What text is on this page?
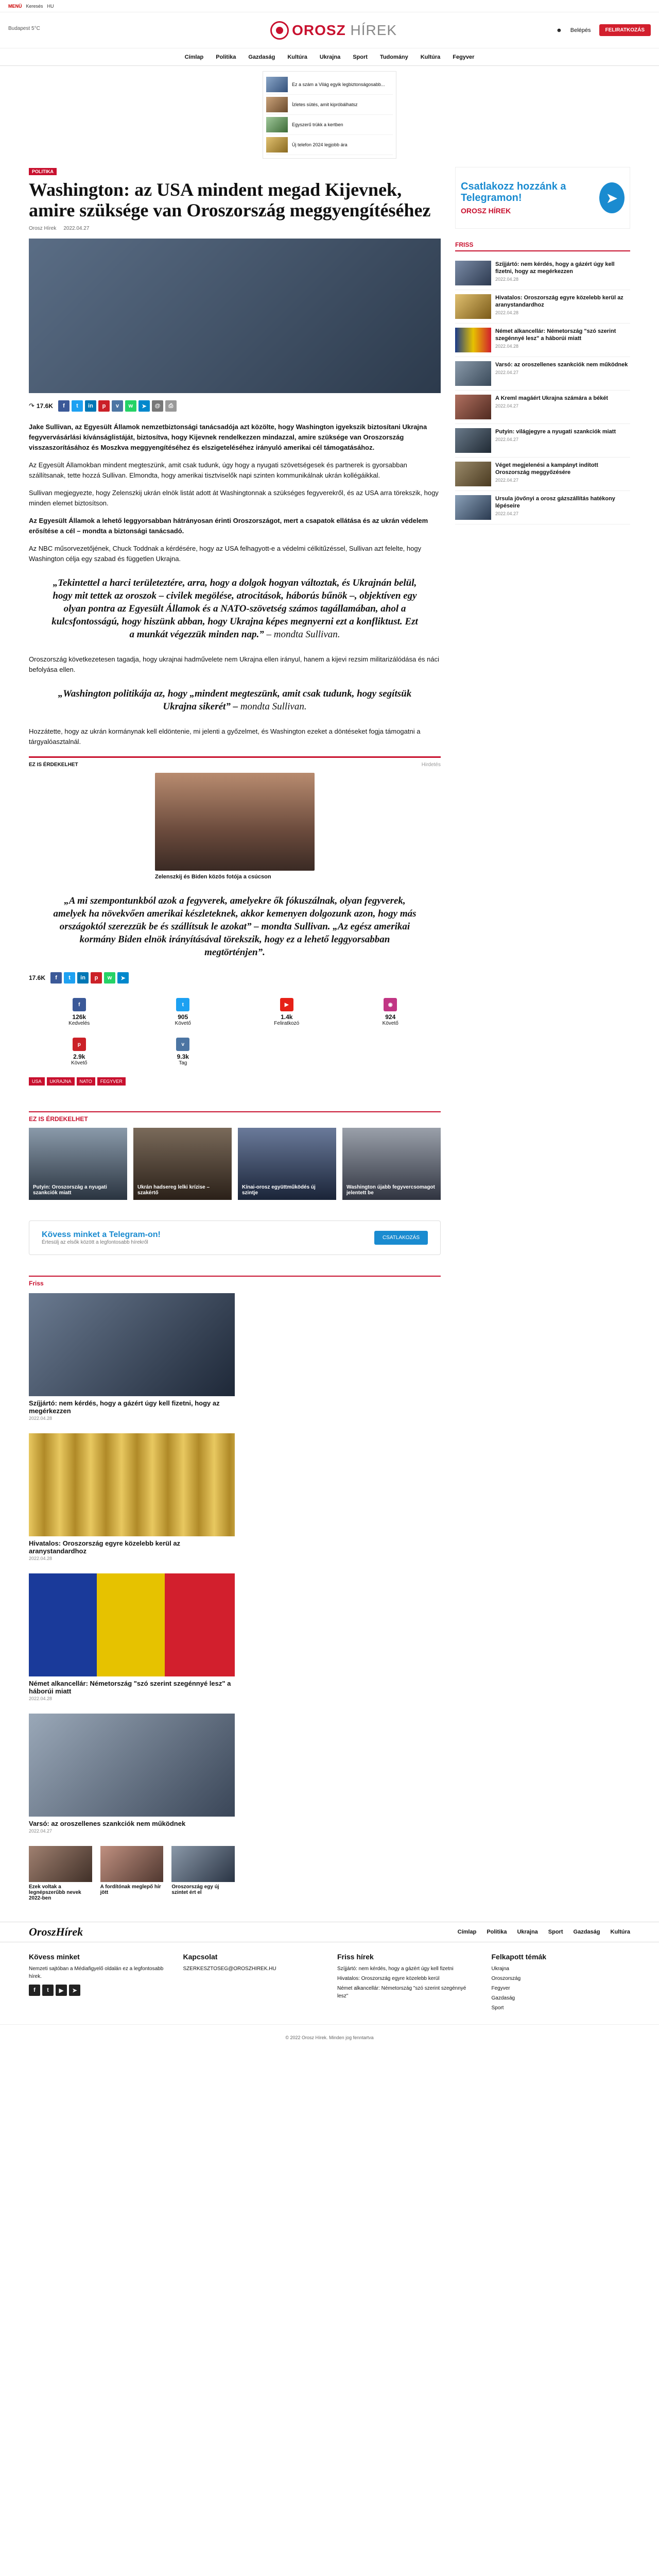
MENÜ Keresés HU
Budapest 5°C	OROSZ HÍREK	☻ Belépés	FELIRATKOZÁS
Címlap Politika Gazdaság Kultúra Ukrajna Sport Tudomány Kultúra Fegyver
Ez a szám a Világ egyik legbiztonságosabb...
Ízletes sütés, amit kipróbálhatsz
Egyszerű trükk a kertben
Új telefon 2024 legjobb ára
POLITIKA
Washington: az USA mindent megad Kijevnek, amire szüksége van Oroszország meggyengítéséhez
Orosz Hírek 2022.04.27
↷ 17.6K	f	t	in	p	v	w	➤	@	⎙

Jake Sullivan, az Egyesült Államok nemzetbiztonsági tanácsadója azt közölte, hogy Washington igyekszik biztosítani Ukrajna fegyvervásárlási kívánságlistáját, biztosítva, hogy Kijevnek rendelkezzen mindazzal, amire szüksége van Oroszország visszaszorításához és Moszkva meggyengítéséhez és elszigeteléséhez irányuló amerikai cél támogatásához.

Az Egyesült Államokban mindent megteszünk, amit csak tudunk, úgy hogy a nyugati szövetségesek és partnerek is gyorsabban szállítsanak, tette hozzá Sullivan. Elmondta, hogy amerikai tisztviselők napi szinten kommunikálnak ukrán kollégáikkal.

Sullivan megjegyezte, hogy Zelenszkij ukrán elnök listát adott át Washingtonnak a szükséges fegyverekről, és az USA arra törekszik, hogy minden elemet biztosítson.

Az Egyesült Államok a lehető leggyorsabban hátrányosan érinti Oroszországot, mert a csapatok ellátása és az ukrán védelem erősítése a cél – mondta a biztonsági tanácsadó.

Az NBC műsorvezetőjének, Chuck Toddnak a kérdésére, hogy az USA felhagyott-e a védelmi célkitűzéssel, Sullivan azt felelte, hogy Washington célja egy szabad és független Ukrajna.

„Tekintettel a harci területeztére, arra, hogy a dolgok hogyan változtak, és Ukrajnán belül, hogy mit tettek az oroszok – civilek megölése, atrocitások, háborús bűnök –, objektíven egy olyan pontra az Egyesült Államok és a NATO-szövetség számos tagállamában, ahol a kulcsfontosságú, hogy hiszünk abban, hogy Ukrajna képes megnyerni ezt a konfliktust. Ezt a munkát végezzük minden nap.” – mondta Sullivan.

Oroszország következetesen tagadja, hogy ukrajnai hadművelete nem Ukrajna ellen irányul, hanem a kijevi rezsim militarizálódása és náci befolyása ellen.

„Washington politikája az, hogy „mindent megteszünk, amit csak tudunk, hogy segítsük Ukrajna sikerét” – mondta Sullivan.

Hozzátette, hogy az ukrán kormánynak kell eldöntenie, mi jelenti a győzelmet, és Washington ezeket a döntéseket fogja támogatni a tárgyalóasztalnál.

EZ IS ÉRDEKELHET	Hirdetés
Zelenszkij és Biden közös fotója a csúcson
„A mi szempontunkból azok a fegyverek, amelyekre ők fókuszálnak, olyan fegyverek, amelyek ha növekvően amerikai készleteknek, akkor kemenyen dolgozunk azon, hogy más országoktól szerezzük be és szállítsuk le azokat” – mondta Sullivan. „Az egész amerikai kormány Biden elnök irányításával törekszik, hogy ez a lehető leggyorsabban megtörténjen”.
17.6K	f	t	in	p	w	➤
f
126k
Kedvelés
t
905
Követő
▶
1.4k
Feliratkozó
◉
924
Követő
p
2.9k
Követő
v
9.3k
Tag
USA	UKRAJNA	NATO	FEGYVER
Csatlakozz hozzánk a Telegramon!
OROSZ HÍREK
➤
FRISS
Szíjjártó: nem kérdés, hogy a gázért úgy kell fizetni, hogy az megérkezzen
2022.04.28
Hivatalos: Oroszország egyre közelebb kerül az aranystandardhoz
2022.04.28
Német alkancellár: Németország "szó szerint szegénnyé lesz" a háborúi miatt
2022.04.28
Varsó: az oroszellenes szankciók nem működnek
2022.04.27
A Kreml magáért Ukrajna számára a békét
2022.04.27
Putyin: világjegyre a nyugati szankciók miatt
2022.04.27
Véget megjelenési a kampányt indított Oroszország meggyőzésére
2022.04.27
Ursula jövőnyi a orosz gázszállítás hatékony lépéseire
2022.04.27
EZ IS ÉRDEKELHET
Putyin: Oroszország a nyugati szankciók miatt
Ukrán hadsereg lelki krízise – szakértő
Kínai-orosz együttműködés új szintje
Washington újabb fegyvercsomagot jelentett be
Kövess minket a Telegram-on!
Értesülj az elsők között a legfontosabb hírekről
CSATLAKOZÁS
Friss
Szíjjártó: nem kérdés, hogy a gázért úgy kell fizetni, hogy az megérkezzen
2022.04.28
Hivatalos: Oroszország egyre közelebb kerül az aranystandardhoz
2022.04.28
Német alkancellár: Németország "szó szerint szegénnyé lesz" a háborúi miatt
2022.04.28
Varsó: az oroszellenes szankciók nem működnek
2022.04.27
Ezek voltak a legnépszerűbb nevek 2022-ben
A fordítónak meglepő hír jött
Oroszország egy új szintet ért el
OroszHírek	Címlap Politika Ukrajna Sport Gazdaság Kultúra
Kövess minket

Nemzeti sajtóban a Médiafigyelő oldalán ez a legfontosabb hírek.

f	t	▶	➤
Kapcsolat

SZERKESZTOSEG@OROSZHIREK.HU

Friss hírek
Szíjjártó: nem kérdés, hogy a gázért úgy kell fizetni
Hivatalos: Oroszország egyre közelebb kerül
Német alkancellár: Németország "szó szerint szegénnyé lesz"
Felkapott témák
Ukrajna
Oroszország
Fegyver
Gazdaság
Sport
© 2022 Orosz Hírek. Minden jog fenntartva
